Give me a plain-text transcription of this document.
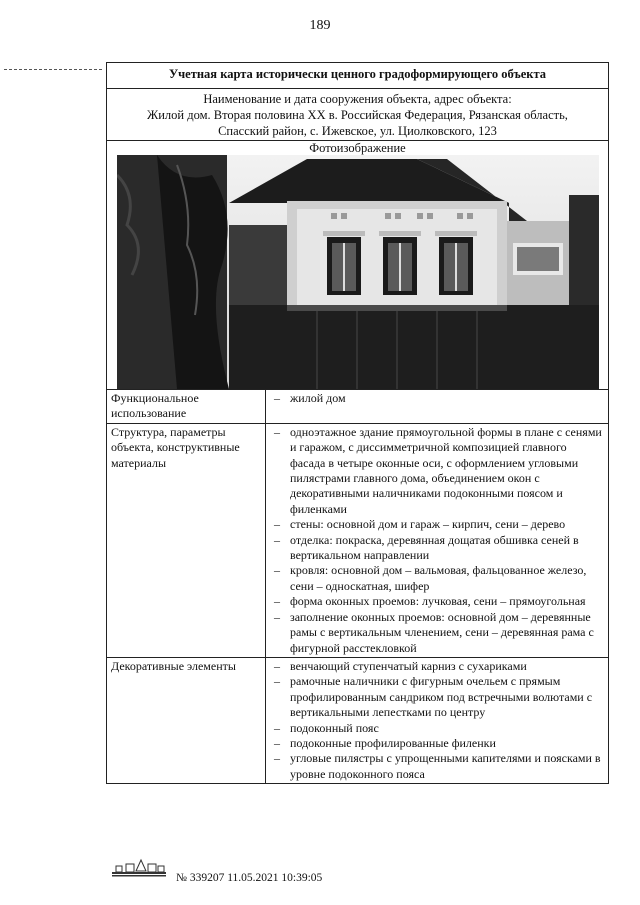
189
Учетная карта исторически ценного градоформирующего объекта
Наименование и дата сооружения объекта, адрес объекта:
Жилой дом. Вторая половина XX в. Российская Федерация, Рязанская область,
Спасский район, с. Ижевское, ул. Циолковского, 123
Фотоизображение
Функциональное использование
– жилой дом
Структура, параметры объекта, конструктивные материалы
– одноэтажное здание прямоугольной формы в плане с сенями и гаражом, с диссимметричной композицией главного фасада в четыре оконные оси, с оформлением угловыми пилястрами главного дома, объединением окон с декоративными наличниками подоконными поясом и филенками
– стены: основной дом и гараж – кирпич, сени – дерево
– отделка: покраска, деревянная дощатая обшивка сеней в вертикальном направлении
– кровля: основной дом – вальмовая, фальцованное железо, сени – односкатная, шифер
– форма оконных проемов: лучковая, сени – прямоугольная
– заполнение оконных проемов: основной дом – деревянные рамы с вертикальным членением, сени – деревянная рама с фигурной расстекловкой
Декоративные элементы	– венчающий ступенчатый карниз с сухариками
– рамочные наличники с фигурным очельем с прямым профилированным сандриком под встречными волютами с вертикальными лепестками по центру
– подоконный пояс
– подоконные профилированные филенки
– угловые пилястры с упрощенными капителями и поясками в уровне подоконного пояса
№ 339207 11.05.2021 10:39:05
